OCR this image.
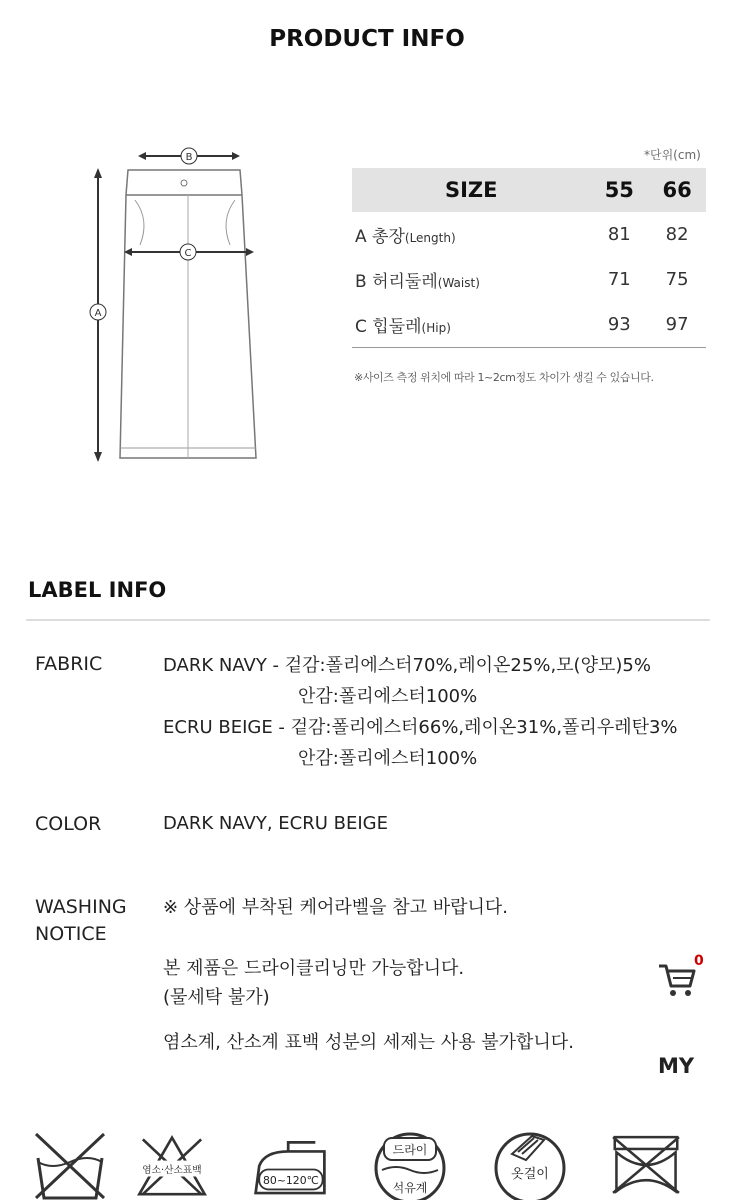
PRODUCT INFO
B
A
C
*단위(cm)
SIZE	55	66
A 총장(Length)	81	82
B 허리둘레(Waist)	71	75
C 힙둘레(Hip)	93	97
※사이즈 측정 위치에 따라 1~2cm정도 차이가 생길 수 있습니다.
LABEL INFO
FABRIC	DARK NAVY - 겉감:폴리에스터70%,레이온25%,모(양모)5%
안감:폴리에스터100%
ECRU BEIGE - 겉감:폴리에스터66%,레이온31%,폴리우레탄3%
안감:폴리에스터100%
COLOR	DARK NAVY, ECRU BEIGE
WASHING
NOTICE
※ 상품에 부착된 케어라벨을 참고 바랍니다.
본 제품은 드라이클리닝만 가능합니다.
(물세탁 불가)
염소계, 산소계 표백 성분의 세제는 사용 불가합니다.
0
MY
염소·산소표백
80~120℃
드라이
석유계
옷걸이
